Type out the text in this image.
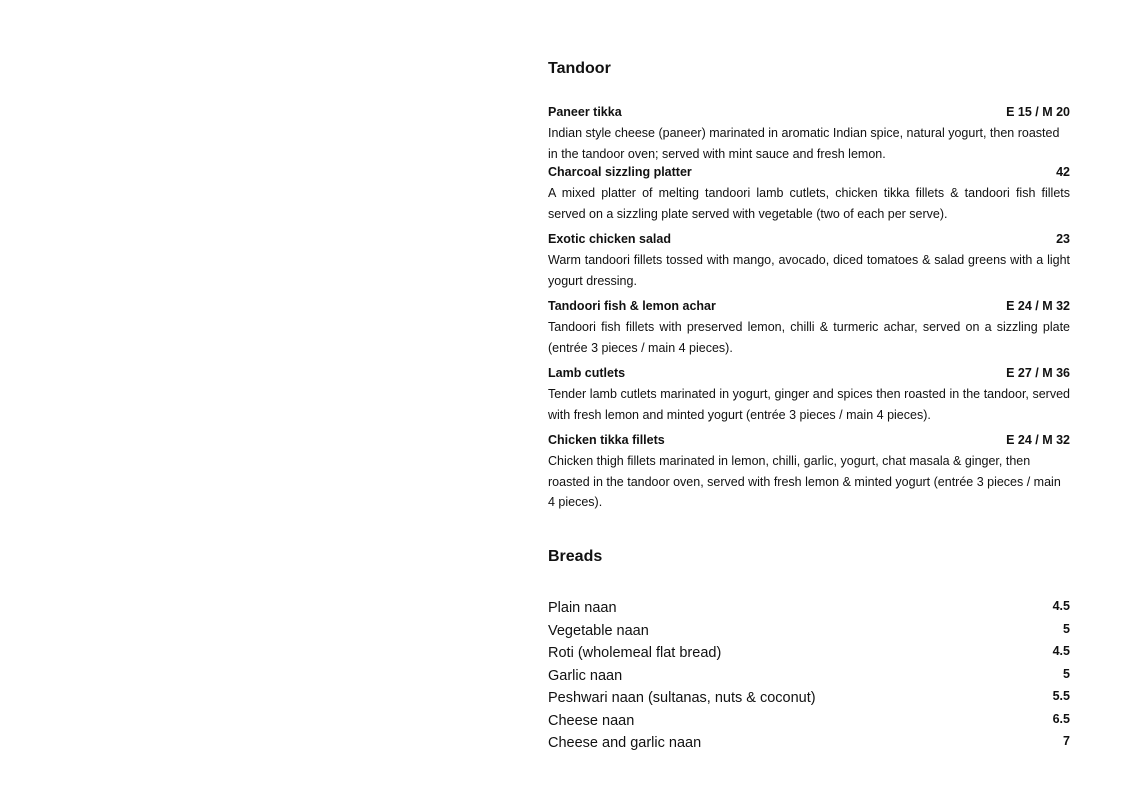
Tandoor
Paneer tikka	E 15 / M 20

Indian style cheese (paneer) marinated in aromatic Indian spice, natural yogurt, then roasted in the tandoor oven; served with mint sauce and fresh lemon.

Charcoal sizzling platter	42

A mixed platter of melting tandoori lamb cutlets, chicken tikka fillets & tandoori fish fillets served on a sizzling plate served with vegetable (two of each per serve).

Exotic chicken salad	23

Warm tandoori fillets tossed with mango, avocado, diced tomatoes & salad greens with a light yogurt dressing.

Tandoori fish & lemon achar	E 24 / M 32

Tandoori fish fillets with preserved lemon, chilli & turmeric achar, served on a sizzling plate (entrée 3 pieces / main 4 pieces).

Lamb cutlets	E 27 / M 36

Tender lamb cutlets marinated in yogurt, ginger and spices then roasted in the tandoor, served with fresh lemon and minted yogurt (entrée 3 pieces / main 4 pieces).

Chicken tikka fillets	E 24 / M 32

Chicken thigh fillets marinated in lemon, chilli, garlic, yogurt, chat masala & ginger, then roasted in the tandoor oven, served with fresh lemon & minted yogurt (entrée 3 pieces / main 4 pieces).

Breads
Plain naan	4.5
Vegetable naan	5
Roti (wholemeal flat bread)	4.5
Garlic naan	5
Peshwari naan (sultanas, nuts & coconut)	5.5
Cheese naan	6.5
Cheese and garlic naan	7
